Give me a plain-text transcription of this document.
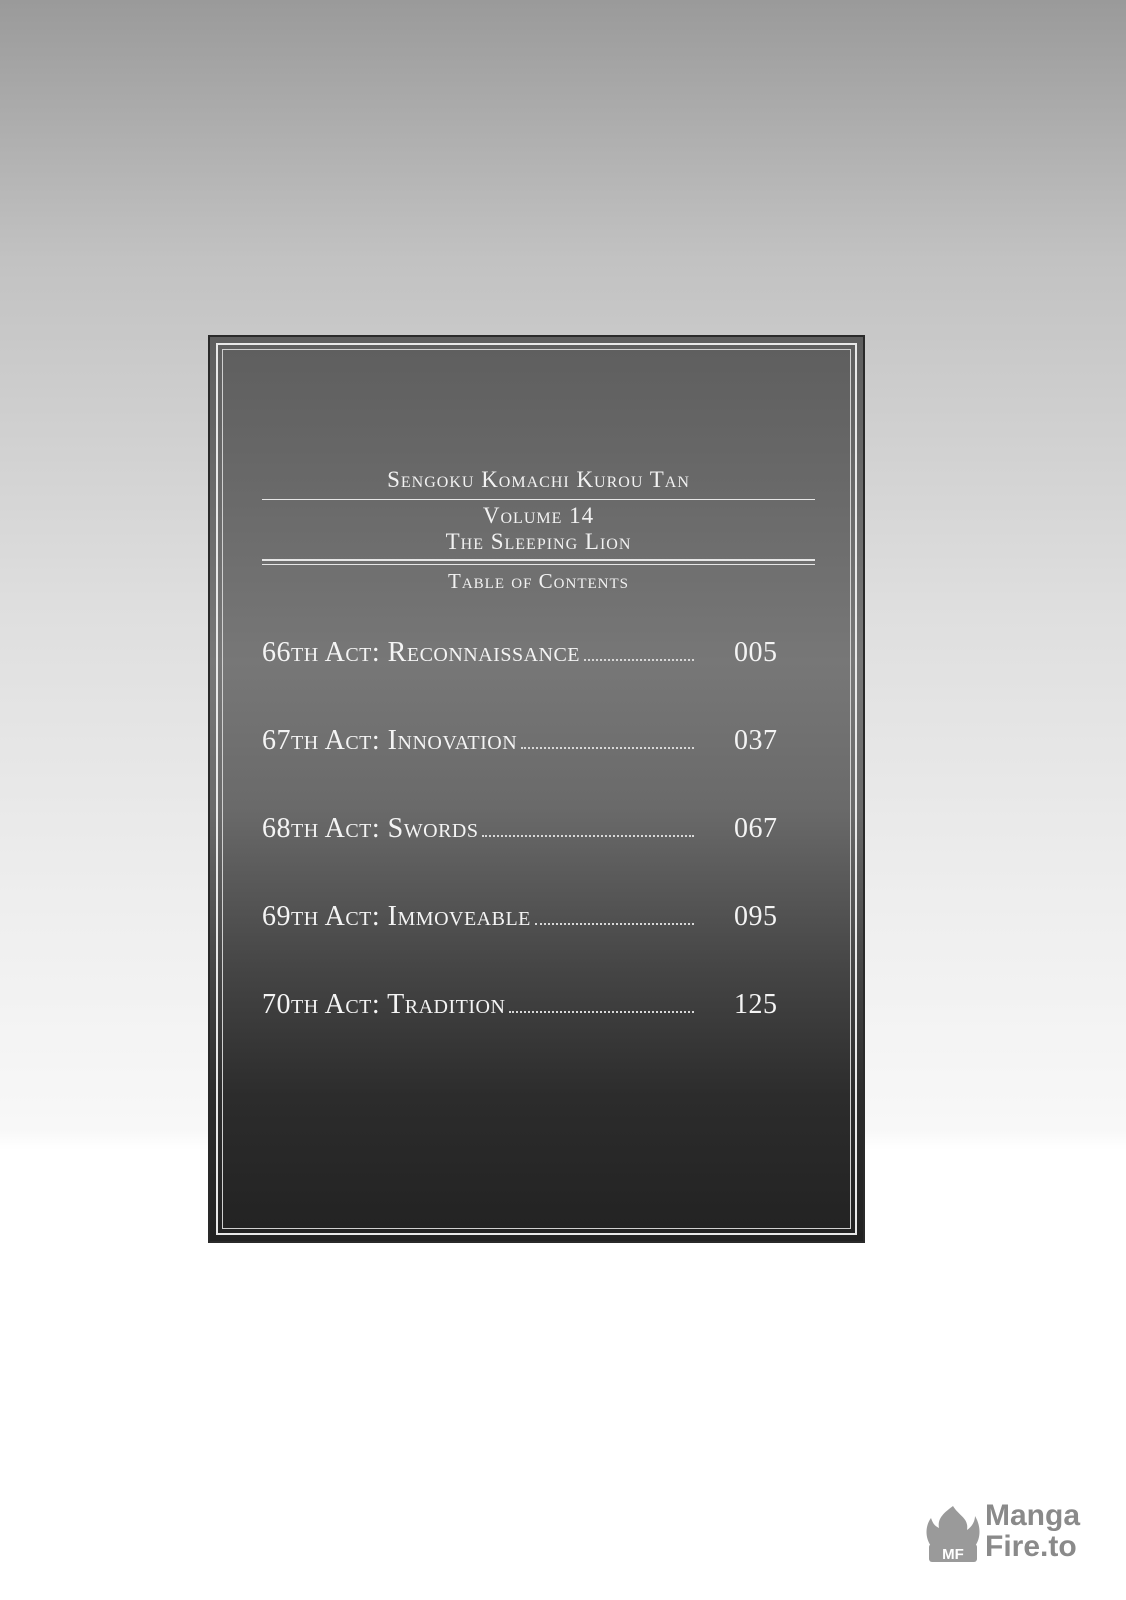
Sengoku Komachi Kurou Tan
Volume 14
The Sleeping Lion
Table of Contents
66th Act: Reconnaissance	005
67th Act: Innovation	037
68th Act: Swords	067
69th Act: Immoveable	095
70th Act: Tradition	125
MF
Manga
Fire.to
